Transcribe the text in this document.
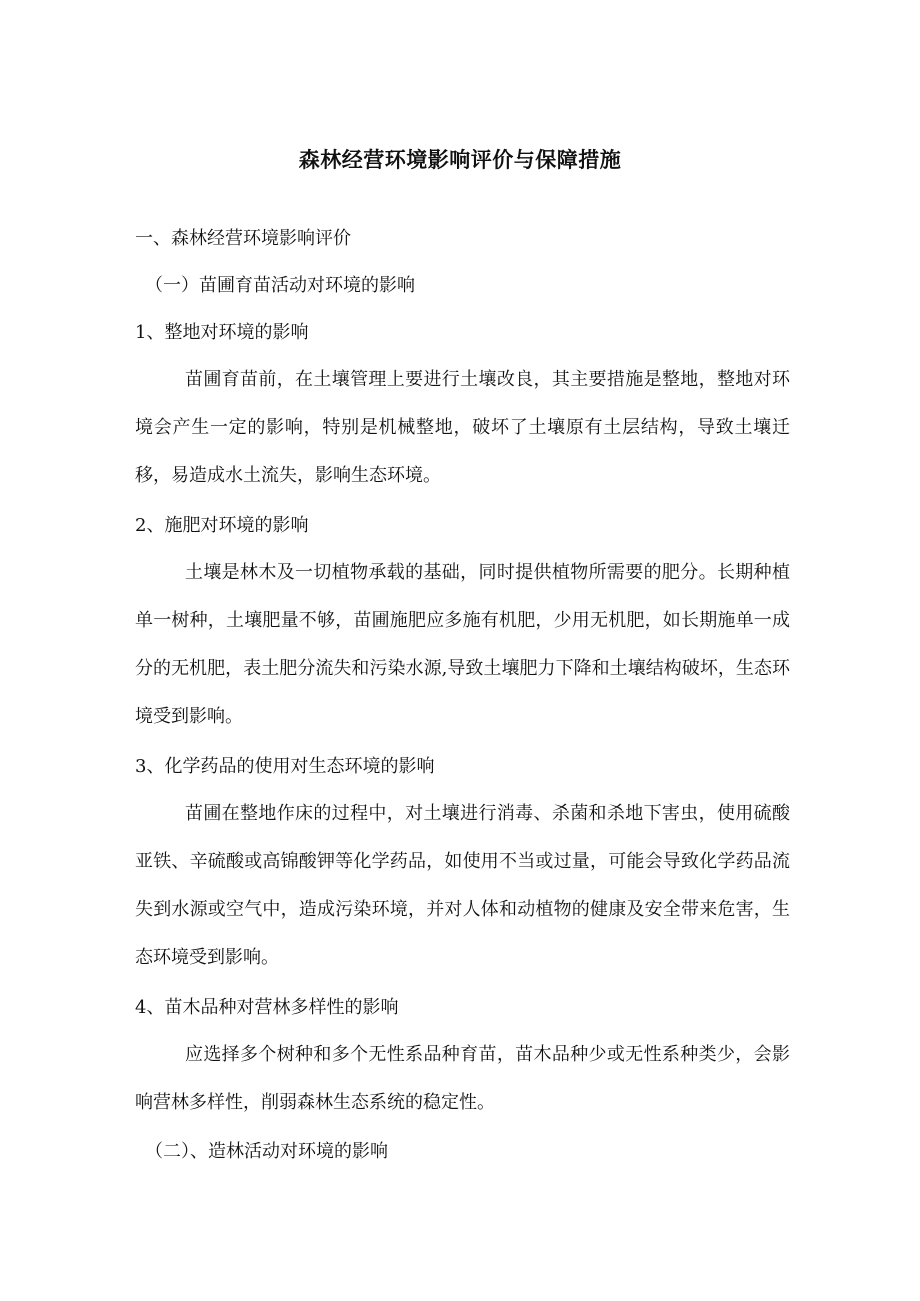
森林经营环境影响评价与保障措施

一、森林经营环境影响评价

（一）苗圃育苗活动对环境的影响

1、整地对环境的影响

苗圃育苗前，在土壤管理上要进行土壤改良，其主要措施是整地，整地对环境会产生一定的影响，特别是机械整地，破坏了土壤原有土层结构，导致土壤迁移，易造成水土流失，影响生态环境。

2、施肥对环境的影响

土壤是林木及一切植物承载的基础，同时提供植物所需要的肥分。长期种植单一树种，土壤肥量不够，苗圃施肥应多施有机肥，少用无机肥，如长期施单一成分的无机肥，表土肥分流失和污染水源,导致土壤肥力下降和土壤结构破坏，生态环境受到影响。

3、化学药品的使用对生态环境的影响

苗圃在整地作床的过程中，对土壤进行消毒、杀菌和杀地下害虫，使用硫酸亚铁、辛硫酸或高锦酸钾等化学药品，如使用不当或过量，可能会导致化学药品流失到水源或空气中，造成污染环境，并对人体和动植物的健康及安全带来危害，生态环境受到影响。

4、苗木品种对营林多样性的影响

应选择多个树种和多个无性系品种育苗，苗木品种少或无性系种类少，会影响营林多样性，削弱森林生态系统的稳定性。

（二）、造林活动对环境的影响
